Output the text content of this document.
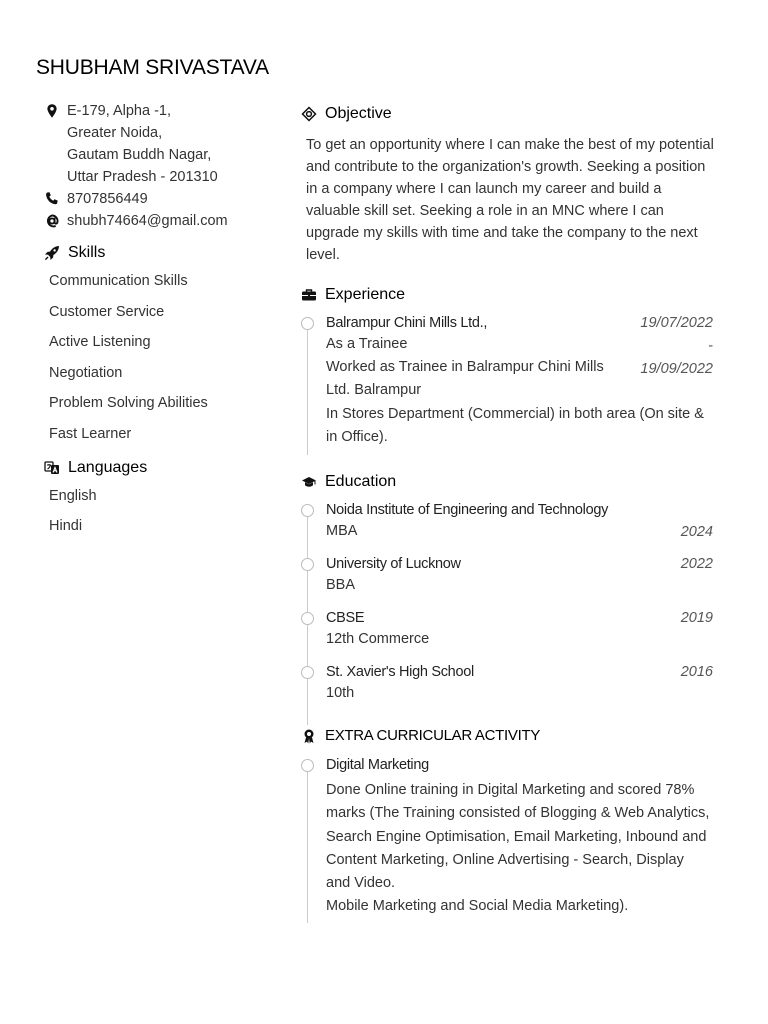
SHUBHAM SRIVASTAVA
E-179, Alpha -1,
Greater Noida,
Gautam Buddh Nagar,
Uttar Pradesh - 201310
8707856449
shubh74664@gmail.com
Skills
Communication Skills
Customer Service
Active Listening
Negotiation
Problem Solving Abilities
Fast Learner
Languages
English
Hindi
Objective
To get an opportunity where I can make the best of my potential and contribute to the organization's growth. Seeking a position in a company where I can launch my career and build a valuable skill set. Seeking a role in an MNC where I can upgrade my skills with time and take the company to the next level.
Experience
19/07/2022
-
19/09/2022
Balrampur Chini Mills Ltd.,
As a Trainee
Worked as Trainee in Balrampur Chini Mills Ltd. Balrampur
In Stores Department (Commercial) in both area (On site & in Office).
Education
2024
Noida Institute of Engineering and Technology
MBA
2022
University of Lucknow
BBA
2019
CBSE
12th Commerce
2016
St. Xavier's High School
10th
EXTRA CURRICULAR ACTIVITY
Digital Marketing
Done Online training in Digital Marketing and scored 78% marks (The Training consisted of Blogging & Web Analytics, Search Engine Optimisation, Email Marketing, Inbound and Content Marketing, Online Advertising - Search, Display and Video.
Mobile Marketing and Social Media Marketing).
